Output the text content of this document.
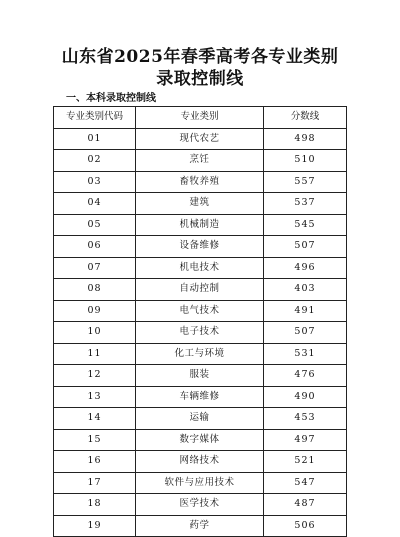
山东省2025年春季高考各专业类别
录取控制线
一、本科录取控制线
专业类别代码	专业类别	分数线
01	现代农艺	498
02	烹饪	510
03	畜牧养殖	557
04	建筑	537
05	机械制造	545
06	设备维修	507
07	机电技术	496
08	自动控制	403
09	电气技术	491
10	电子技术	507
11	化工与环境	531
12	服装	476
13	车辆维修	490
14	运输	453
15	数字媒体	497
16	网络技术	521
17	软件与应用技术	547
18	医学技术	487
19	药学	506
